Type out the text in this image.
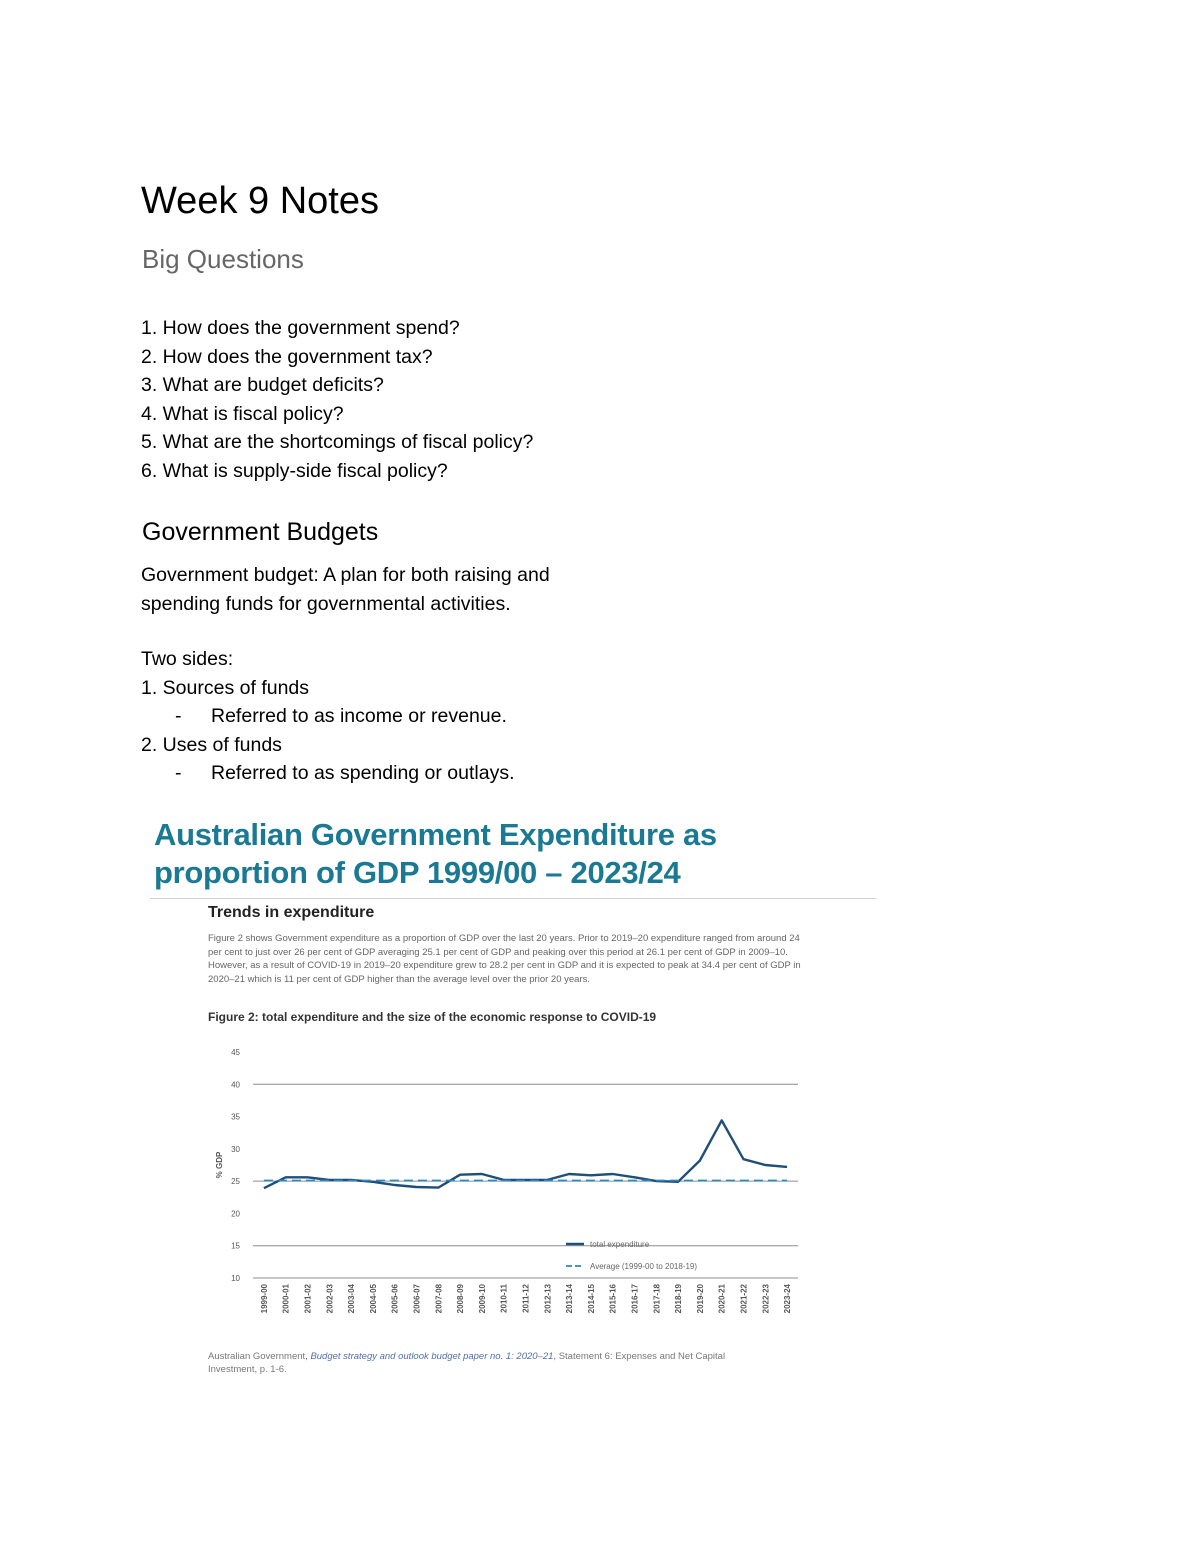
Week 9 Notes
Big Questions
1. How does the government spend?
2. How does the government tax?
3. What are budget deficits?
4. What is fiscal policy?
5. What are the shortcomings of fiscal policy?
6. What is supply-side fiscal policy?
Government Budgets

Government budget: A plan for both raising and spending funds for governmental activities.

Two sides:
1. Sources of funds
- Referred to as income or revenue.
2. Uses of funds
- Referred to as spending or outlays.
Australian Government Expenditure as proportion of GDP 1999/00 – 2023/24
Trends in expenditure
Figure 2 shows Government expenditure as a proportion of GDP over the last 20 years. Prior to 2019–20 expenditure ranged from around 24 per cent to just over 26 per cent of GDP averaging 25.1 per cent of GDP and peaking over this period at 26.1 per cent of GDP in 2009–10. However, as a result of COVID-19 in 2019–20 expenditure grew to 28.2 per cent in GDP and it is expected to peak at 34.4 per cent of GDP in 2020–21 which is 11 per cent of GDP higher than the average level over the prior 20 years.
Figure 2: total expenditure and the size of the economic response to COVID-19
10
15
20
25
30
35
40
45
% GDP
1999-00 2000-01 2001-02 2002-03 2003-04 2004-05 2005-06 2006-07 2007-08 2008-09 2009-10 2010-11 2011-12 2012-13 2013-14 2014-15 2015-16 2016-17 2017-18 2018-19 2019-20 2020-21 2021-22 2022-23 2023-24
total expenditure
Average (1999-00 to 2018-19)
Australian Government, Budget strategy and outlook budget paper no. 1: 2020–21, Statement 6: Expenses and Net Capital Investment, p. 1-6.
